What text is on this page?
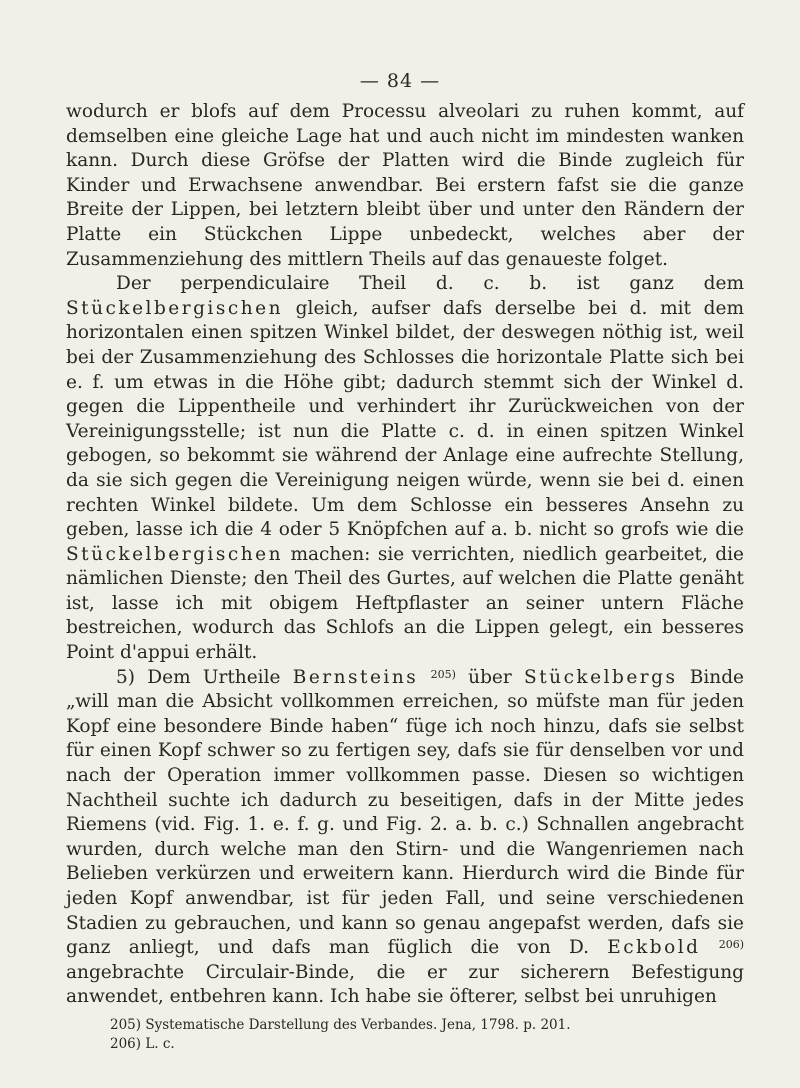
— 84 —

wodurch er blofs auf dem Processu alveolari zu ruhen kommt, auf demselben eine gleiche Lage hat und auch nicht im mindesten wanken kann. Durch diese Gröfse der Platten wird die Binde zugleich für Kinder und Erwachsene anwendbar. Bei erstern fafst sie die ganze Breite der Lippen, bei letztern bleibt über und unter den Rändern der Platte ein Stückchen Lippe unbedeckt, welches aber der Zusammenziehung des mittlern Theils auf das genaueste folget.

Der perpendiculaire Theil d. c. b. ist ganz dem Stückelbergischen gleich, aufser dafs derselbe bei d. mit dem horizontalen einen spitzen Winkel bildet, der deswegen nöthig ist, weil bei der Zusammenziehung des Schlosses die horizontale Platte sich bei e. f. um etwas in die Höhe gibt; dadurch stemmt sich der Winkel d. gegen die Lippentheile und verhindert ihr Zurückweichen von der Vereinigungsstelle; ist nun die Platte c. d. in einen spitzen Winkel gebogen, so bekommt sie während der Anlage eine aufrechte Stellung, da sie sich gegen die Vereinigung neigen würde, wenn sie bei d. einen rechten Winkel bildete. Um dem Schlosse ein besseres Ansehn zu geben, lasse ich die 4 oder 5 Knöpfchen auf a. b. nicht so grofs wie die Stückelbergischen machen: sie verrichten, niedlich gearbeitet, die nämlichen Dienste; den Theil des Gurtes, auf welchen die Platte genäht ist, lasse ich mit obigem Heftpflaster an seiner untern Fläche bestreichen, wodurch das Schlofs an die Lippen gelegt, ein besseres Point d'appui erhält.

5) Dem Urtheile Bernsteins $^{205)}$ über Stückelbergs Binde „will man die Absicht vollkommen erreichen, so müfste man für jeden Kopf eine besondere Binde haben“ füge ich noch hinzu, dafs sie selbst für einen Kopf schwer so zu fertigen sey, dafs sie für denselben vor und nach der Operation immer vollkommen passe. Diesen so wichtigen Nachtheil suchte ich dadurch zu beseitigen, dafs in der Mitte jedes Riemens (vid. Fig. 1. e. f. g. und Fig. 2. a. b. c.) Schnallen angebracht wurden, durch welche man den Stirn- und die Wangenriemen nach Belieben verkürzen und erweitern kann. Hierdurch wird die Binde für jeden Kopf anwendbar, ist für jeden Fall, und seine verschiedenen Stadien zu gebrauchen, und kann so genau angepafst werden, dafs sie ganz anliegt, und dafs man füglich die von D. Eckbold $^{206)}$ angebrachte Circulair-Binde, die er zur sicherern Befestigung anwendet, entbehren kann. Ich habe sie öfterer, selbst bei unruhigen

205) Systematische Darstellung des Verbandes. Jena, 1798. p. 201.
206) L. c.
